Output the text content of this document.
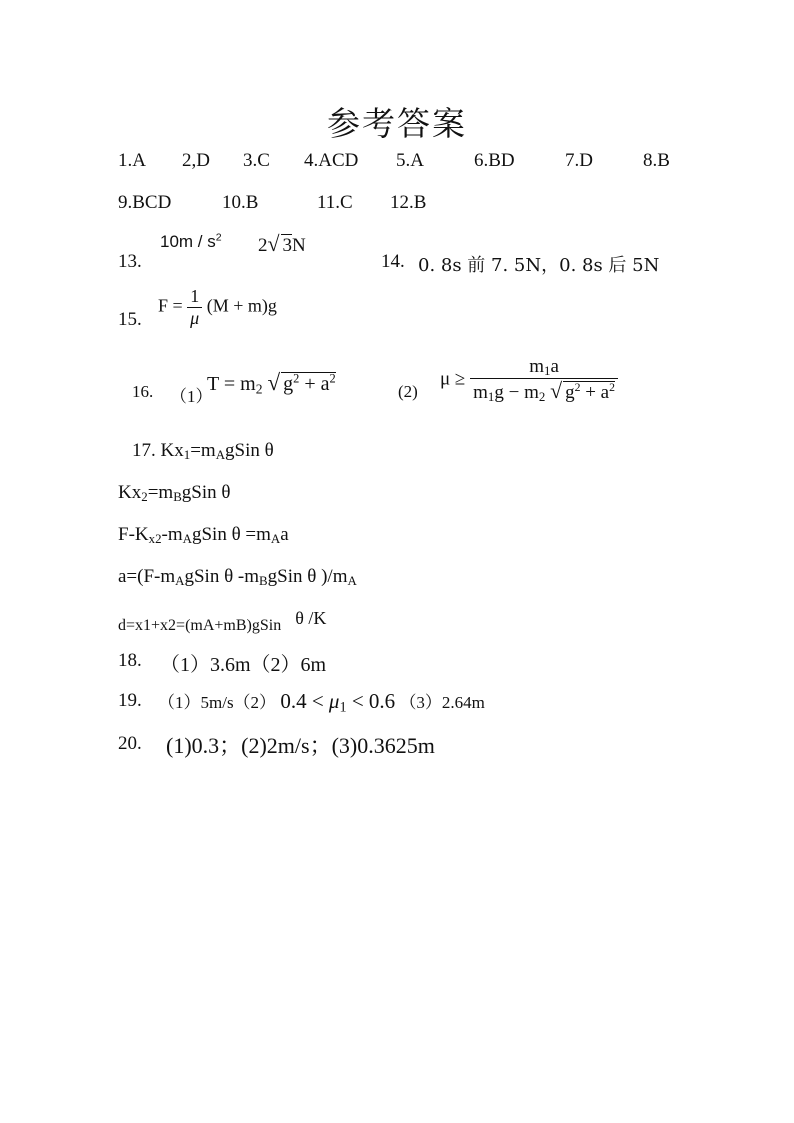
参考答案
1.A 2,D 3.C 4.ACD 5.A	6.BD	7.D	8.B
9.BCD	10.B	11.C 12.B
13.
$10m / s^2$ 2√ 3N
14. 0. 8s 前 7. 5N，0. 8s 后 5N
15.
$F = \frac{1}{\mu} (M + m)g$
16. （1）
$T = m_2$ √ $g^2 + a^2$
(2)
$\mu \ge \frac{m_1a}{m_1g - m_2 √ g^2 + a^2}$
17. $Kx_1=m_AgSin$ θ
$Kx_2=m_BgSin$ θ
$F-K_{x2}-m_AgSin$ $\theta =m_Aa$
$a=(F-m_AgSin$ θ $-m_BgSin$ θ )$/m_A$
d=x1+x2=(mA+mB)gSin θ /K
18. （1）3.6m（2）6m
19. （1）5m/s（2） $0.4 < \mu_1 < 0.6$ （3）2.64m
20. (1)0.3；(2)2m/s；(3)0.3625m
